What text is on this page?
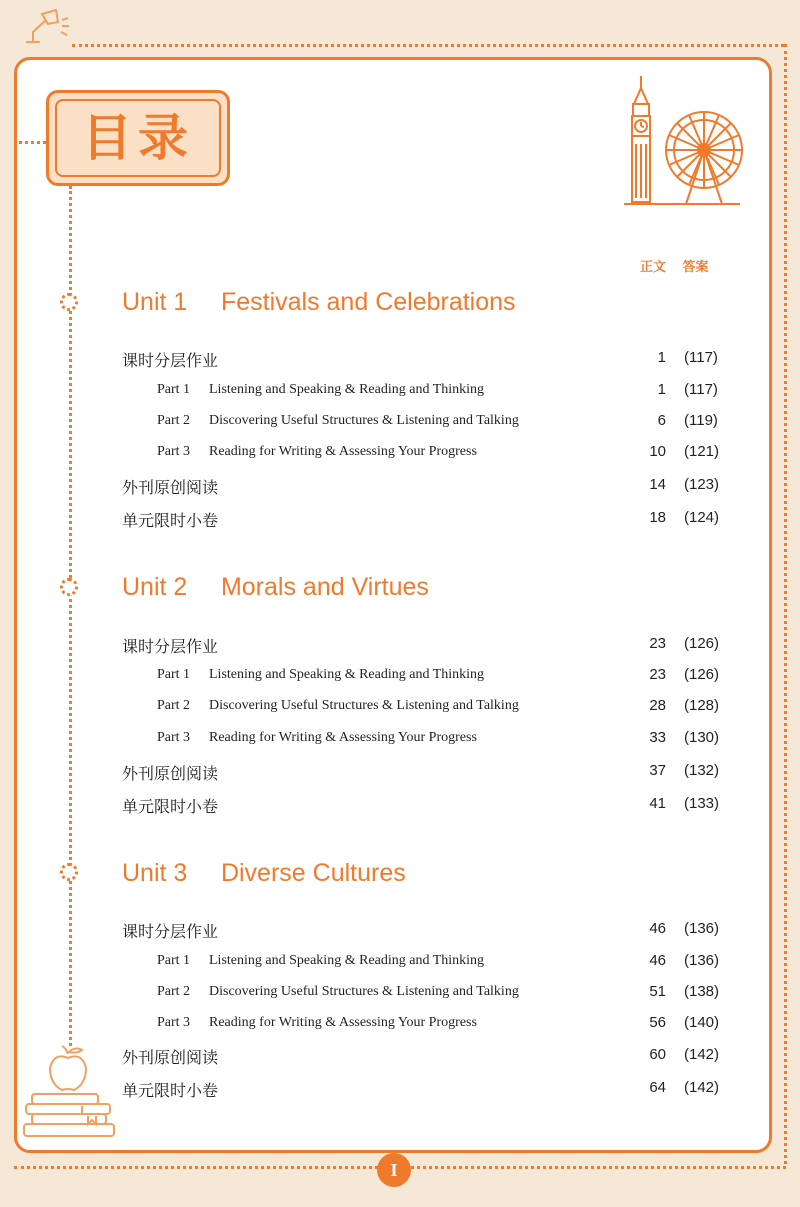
目录
正文 答案
Unit 1 Festivals and Celebrations
课时分层作业	1 (117)
Part 1	Listening and Speaking & Reading and Thinking	1 (117)
Part 2	Discovering Useful Structures & Listening and Talking	6 (119)
Part 3	Reading for Writing & Assessing Your Progress	10 (121)
外刊原创阅读	14 (123)
单元限时小卷	18 (124)
Unit 2 Morals and Virtues
课时分层作业	23 (126)
Part 1	Listening and Speaking & Reading and Thinking	23 (126)
Part 2	Discovering Useful Structures & Listening and Talking	28 (128)
Part 3	Reading for Writing & Assessing Your Progress	33 (130)
外刊原创阅读	37 (132)
单元限时小卷	41 (133)
Unit 3 Diverse Cultures
课时分层作业	46 (136)
Part 1	Listening and Speaking & Reading and Thinking	46 (136)
Part 2	Discovering Useful Structures & Listening and Talking	51 (138)
Part 3	Reading for Writing & Assessing Your Progress	56 (140)
外刊原创阅读	60 (142)
单元限时小卷	64 (142)
I
